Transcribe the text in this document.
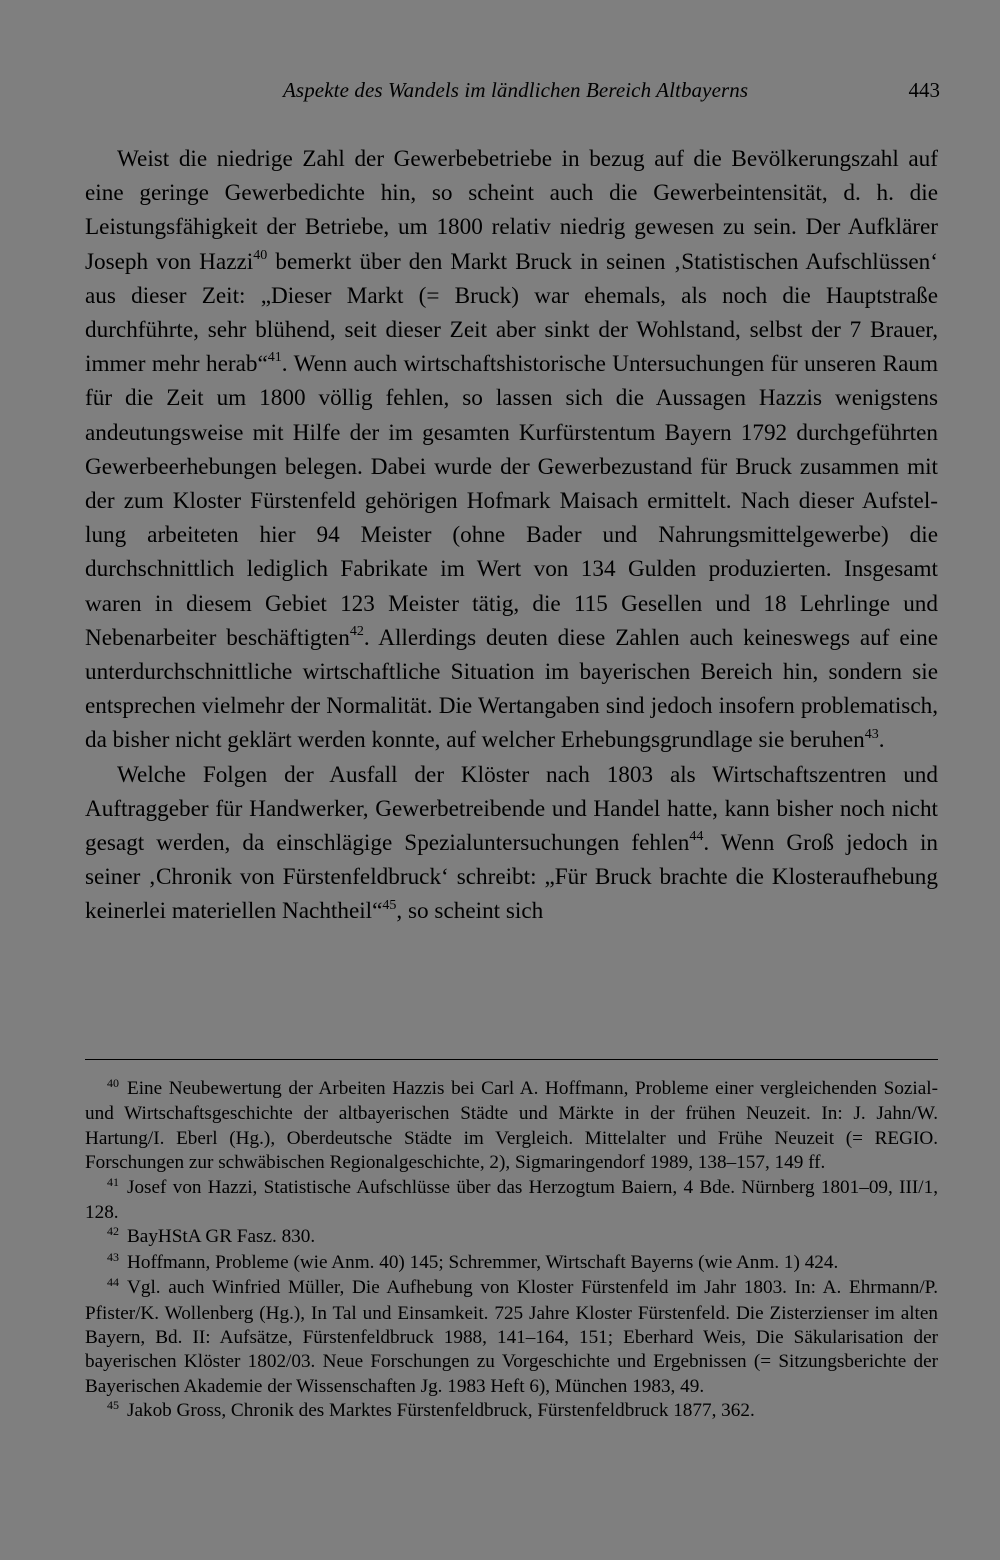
Aspekte des Wandels im ländlichen Bereich Altbayerns	443

Weist die niedrige Zahl der Gewerbebetriebe in bezug auf die Bevölkerungszahl auf eine geringe Gewerbedichte hin, so scheint auch die Gewerbeintensität, d. h. die Leistungsfähigkeit der Betriebe, um 1800 relativ niedrig gewesen zu sein. Der Aufklärer Joseph von Hazzi$^{40}$ bemerkt über den Markt Bruck in seinen ‚Statistischen Aufschlüssen‘ aus dieser Zeit: „Dieser Markt (= Bruck) war ehemals, als noch die Hauptstraße durchführte, sehr blühend, seit dieser Zeit aber sinkt der Wohlstand, selbst der 7 Brauer, immer mehr herab“$^{41}$. Wenn auch wirtschaftshistorische Untersuchungen für unseren Raum für die Zeit um 1800 völlig fehlen, so lassen sich die Aussagen Hazzis wenigstens andeutungsweise mit Hilfe der im gesamten Kurfürstentum Bayern 1792 durchgeführten Gewerbeerhebungen belegen. Dabei wurde der Gewerbezustand für Bruck zusammen mit der zum Kloster Fürstenfeld gehörigen Hofmark Maisach ermittelt. Nach dieser Aufstellung arbeiteten hier 94 Meister (ohne Bader und Nahrungsmittelgewerbe) die durchschnittlich lediglich Fabrikate im Wert von 134 Gulden produzierten. Insgesamt waren in diesem Gebiet 123 Meister tätig, die 115 Gesellen und 18 Lehrlinge und Nebenarbeiter beschäftigten$^{42}$. Allerdings deuten diese Zahlen auch keineswegs auf eine unterdurchschnittliche wirtschaftliche Situation im bayerischen Bereich hin, sondern sie entsprechen vielmehr der Normalität. Die Wertangaben sind jedoch insofern problematisch, da bisher nicht geklärt werden konnte, auf welcher Erhebungsgrundlage sie beruhen$^{43}$.

Welche Folgen der Ausfall der Klöster nach 1803 als Wirtschaftszentren und Auftraggeber für Handwerker, Gewerbetreibende und Handel hatte, kann bisher noch nicht gesagt werden, da einschlägige Spezialuntersuchungen fehlen$^{44}$. Wenn Groß jedoch in seiner ‚Chronik von Fürstenfeldbruck‘ schreibt: „Für Bruck brachte die Klosteraufhebung keinerlei materiellen Nachtheil“$^{45}$, so scheint sich

$^{40}$ Eine Neubewertung der Arbeiten Hazzis bei Carl A. Hoffmann, Probleme einer vergleichenden Sozial- und Wirtschaftsgeschichte der altbayerischen Städte und Märkte in der frühen Neuzeit. In: J. Jahn/W. Hartung/I. Eberl (Hg.), Oberdeutsche Städte im Vergleich. Mittelalter und Frühe Neuzeit (= REGIO. Forschungen zur schwäbischen Regionalgeschichte, 2), Sigmaringendorf 1989, 138–157, 149 ff.

$^{41}$ Josef von Hazzi, Statistische Aufschlüsse über das Herzogtum Baiern, 4 Bde. Nürnberg 1801–09, III/1, 128.

$^{42}$ BayHStA GR Fasz. 830.

$^{43}$ Hoffmann, Probleme (wie Anm. 40) 145; Schremmer, Wirtschaft Bayerns (wie Anm. 1) 424.

$^{44}$ Vgl. auch Winfried Müller, Die Aufhebung von Kloster Fürstenfeld im Jahr 1803. In: A. Ehrmann/P. Pfister/K. Wollenberg (Hg.), In Tal und Einsamkeit. 725 Jahre Kloster Fürstenfeld. Die Zisterzienser im alten Bayern, Bd. II: Aufsätze, Fürstenfeldbruck 1988, 141–164, 151; Eberhard Weis, Die Säkularisation der bayerischen Klöster 1802/03. Neue Forschungen zu Vorgeschichte und Ergebnissen (= Sitzungsberichte der Bayerischen Akademie der Wissenschaften Jg. 1983 Heft 6), München 1983, 49.

$^{45}$ Jakob Gross, Chronik des Marktes Fürstenfeldbruck, Fürstenfeldbruck 1877, 362.
